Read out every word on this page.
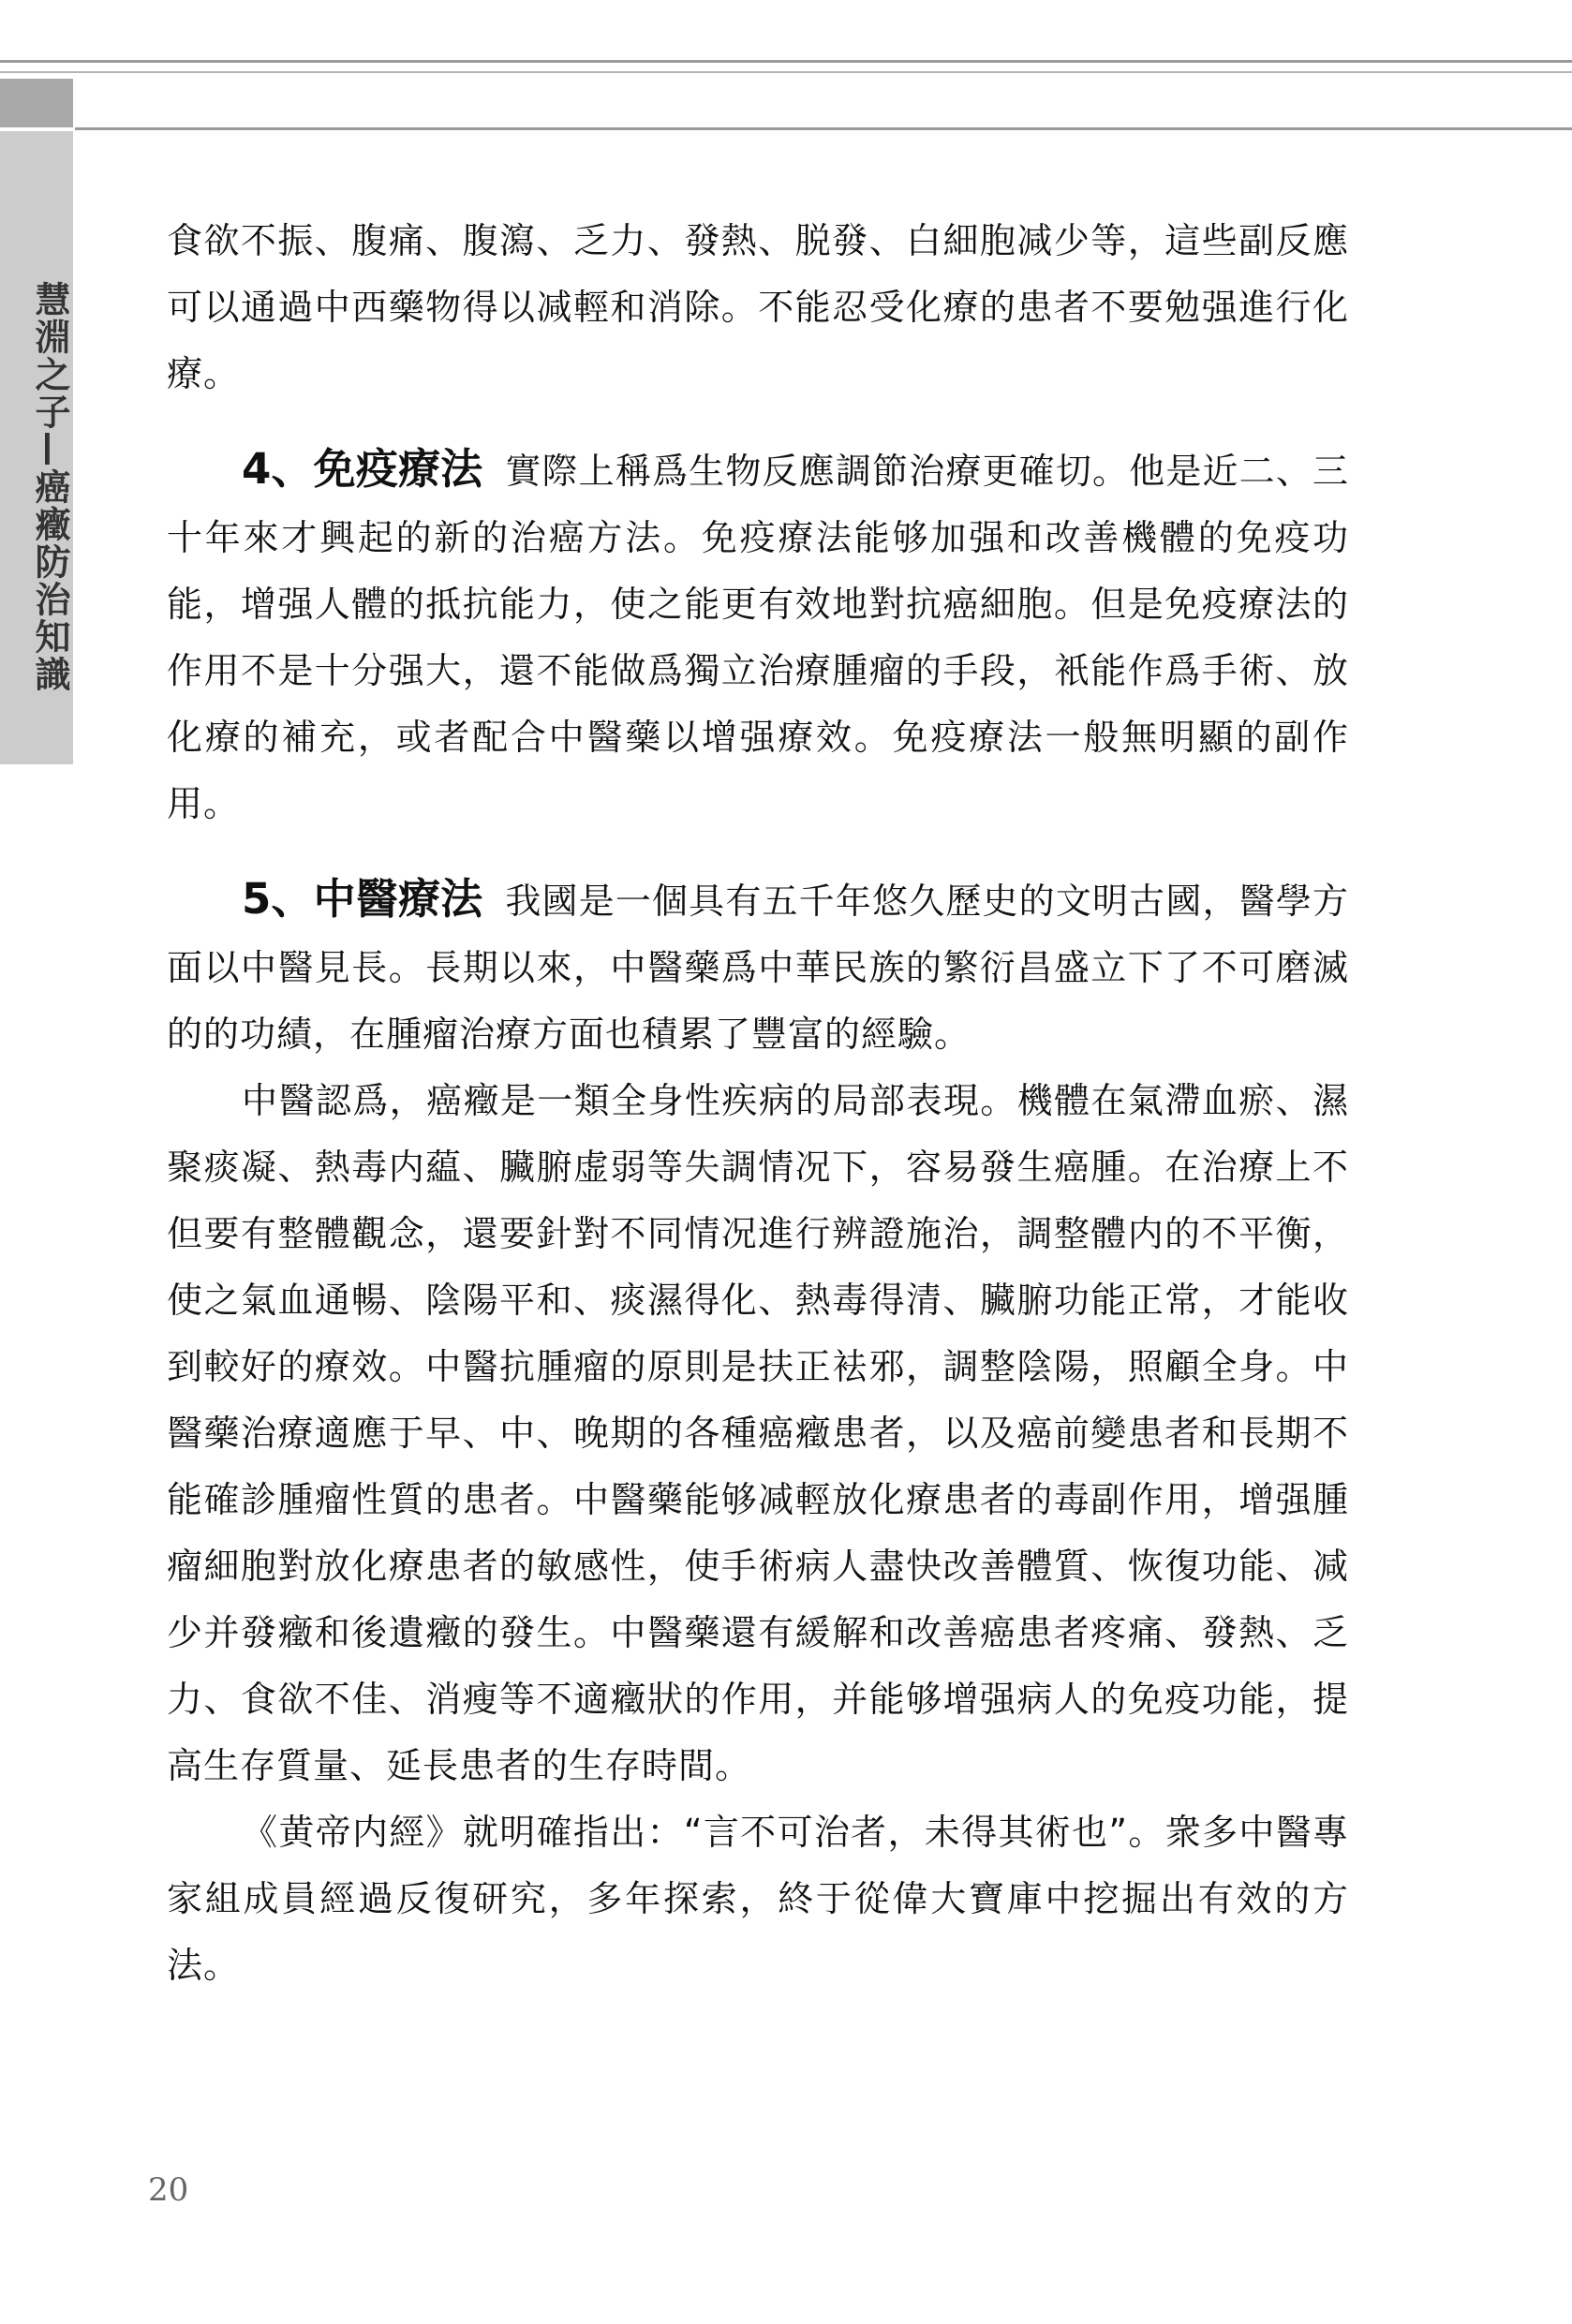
慧淵之子—癌癥防治知識

食欲不振、腹痛、腹瀉、乏力、發熱、脱發、白細胞减少等，這些副反應可以通過中西藥物得以减輕和消除。不能忍受化療的患者不要勉强進行化療。

4、免疫療法 實際上稱爲生物反應調節治療更確切。他是近二、三十年來才興起的新的治癌方法。免疫療法能够加强和改善機體的免疫功能，增强人體的抵抗能力，使之能更有效地對抗癌細胞。但是免疫療法的作用不是十分强大，還不能做爲獨立治療腫瘤的手段，衹能作爲手術、放化療的補充，或者配合中醫藥以增强療效。免疫療法一般無明顯的副作用。

5、中醫療法 我國是一個具有五千年悠久歷史的文明古國，醫學方面以中醫見長。長期以來，中醫藥爲中華民族的繁衍昌盛立下了不可磨滅的的功績，在腫瘤治療方面也積累了豐富的經驗。

中醫認爲，癌癥是一類全身性疾病的局部表現。機體在氣滯血瘀、濕聚痰凝、熱毒内藴、臟腑虚弱等失調情况下，容易發生癌腫。在治療上不但要有整體觀念，還要針對不同情况進行辨證施治，調整體内的不平衡，使之氣血通暢、陰陽平和、痰濕得化、熱毒得清、臟腑功能正常，才能收到較好的療效。中醫抗腫瘤的原則是扶正袪邪，調整陰陽，照顧全身。中醫藥治療適應于早、中、晚期的各種癌癥患者，以及癌前變患者和長期不能確診腫瘤性質的患者。中醫藥能够减輕放化療患者的毒副作用，增强腫瘤細胞對放化療患者的敏感性，使手術病人盡快改善體質、恢復功能、减少并發癥和後遺癥的發生。中醫藥還有緩解和改善癌患者疼痛、發熱、乏力、食欲不佳、消瘦等不適癥狀的作用，并能够增强病人的免疫功能，提高生存質量、延長患者的生存時間。

《黄帝内經》就明確指出：“言不可治者，未得其術也”。衆多中醫專家組成員經過反復研究，多年探索，終于從偉大寶庫中挖掘出有效的方法。

20
